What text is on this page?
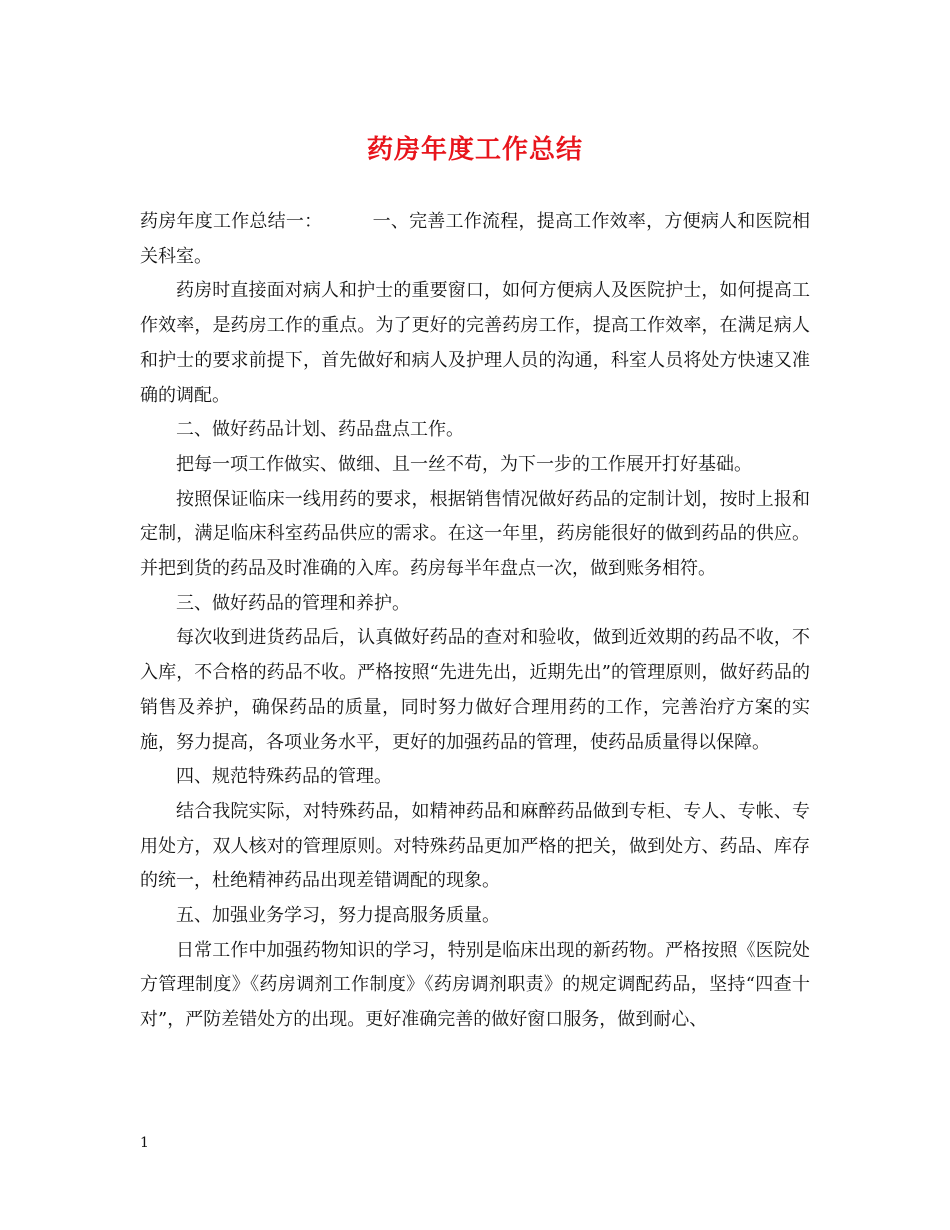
药房年度工作总结

药房年度工作总结一：	一、完善工作流程，提高工作效率，方便病人和医院相关科室。

药房时直接面对病人和护士的重要窗口，如何方便病人及医院护士，如何提高工作效率，是药房工作的重点。为了更好的完善药房工作，提高工作效率，在满足病人和护士的要求前提下，首先做好和病人及护理人员的沟通，科室人员将处方快速又准确的调配。

二、做好药品计划、药品盘点工作。

把每一项工作做实、做细、且一丝不苟，为下一步的工作展开打好基础。

按照保证临床一线用药的要求，根据销售情况做好药品的定制计划，按时上报和定制，满足临床科室药品供应的需求。在这一年里，药房能很好的做到药品的供应。并把到货的药品及时准确的入库。药房每半年盘点一次，做到账务相符。

三、做好药品的管理和养护。

每次收到进货药品后，认真做好药品的查对和验收，做到近效期的药品不收，不入库，不合格的药品不收。严格按照“先进先出，近期先出”的管理原则，做好药品的销售及养护，确保药品的质量，同时努力做好合理用药的工作，完善治疗方案的实施，努力提高，各项业务水平，更好的加强药品的管理，使药品质量得以保障。

四、规范特殊药品的管理。

结合我院实际，对特殊药品，如精神药品和麻醉药品做到专柜、专人、专帐、专用处方，双人核对的管理原则。对特殊药品更加严格的把关，做到处方、药品、库存的统一，杜绝精神药品出现差错调配的现象。

五、加强业务学习，努力提高服务质量。

日常工作中加强药物知识的学习，特别是临床出现的新药物。严格按照《医院处方管理制度》《药房调剂工作制度》《药房调剂职责》的规定调配药品，坚持“四查十对”，严防差错处方的出现。更好准确完善的做好窗口服务，做到耐心、

1
